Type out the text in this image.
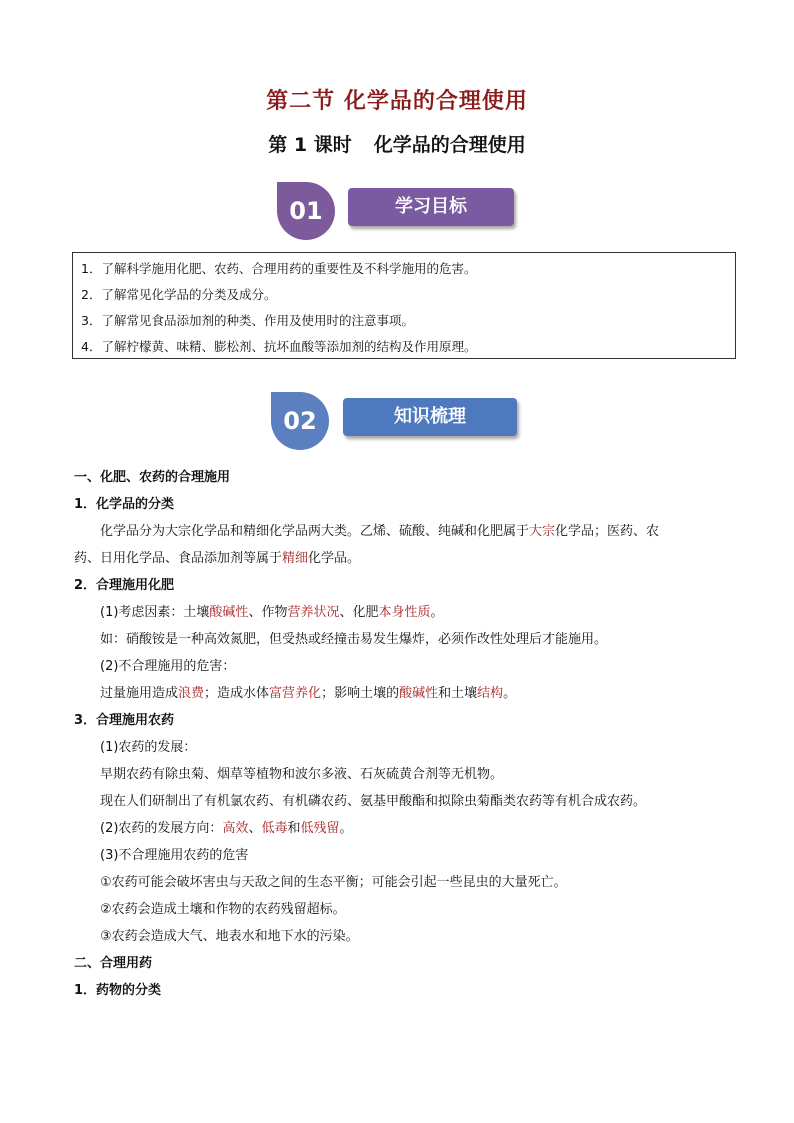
第二节 化学品的合理使用
第 1 课时 化学品的合理使用
01	学习目标
1．了解科学施用化肥、农药、合理用药的重要性及不科学施用的危害。
2．了解常见化学品的分类及成分。
3．了解常见食品添加剂的种类、作用及使用时的注意事项。
4．了解柠檬黄、味精、膨松剂、抗坏血酸等添加剂的结构及作用原理。
02	知识梳理
一、化肥、农药的合理施用
1．化学品的分类
化学品分为大宗化学品和精细化学品两大类。乙烯、硫酸、纯碱和化肥属于大宗化学品；医药、农
药、日用化学品、食品添加剂等属于精细化学品。
2．合理施用化肥
(1)考虑因素：土壤酸碱性、作物营养状况、化肥本身性质。
如：硝酸铵是一种高效氮肥，但受热或经撞击易发生爆炸，必须作改性处理后才能施用。
(2)不合理施用的危害：
过量施用造成浪费；造成水体富营养化；影响土壤的酸碱性和土壤结构。
3．合理施用农药
(1)农药的发展：
早期农药有除虫菊、烟草等植物和波尔多液、石灰硫黄合剂等无机物。
现在人们研制出了有机氯农药、有机磷农药、氨基甲酸酯和拟除虫菊酯类农药等有机合成农药。
(2)农药的发展方向：高效、低毒和低残留。
(3)不合理施用农药的危害
①农药可能会破坏害虫与天敌之间的生态平衡；可能会引起一些昆虫的大量死亡。
②农药会造成土壤和作物的农药残留超标。
③农药会造成大气、地表水和地下水的污染。
二、合理用药
1．药物的分类
